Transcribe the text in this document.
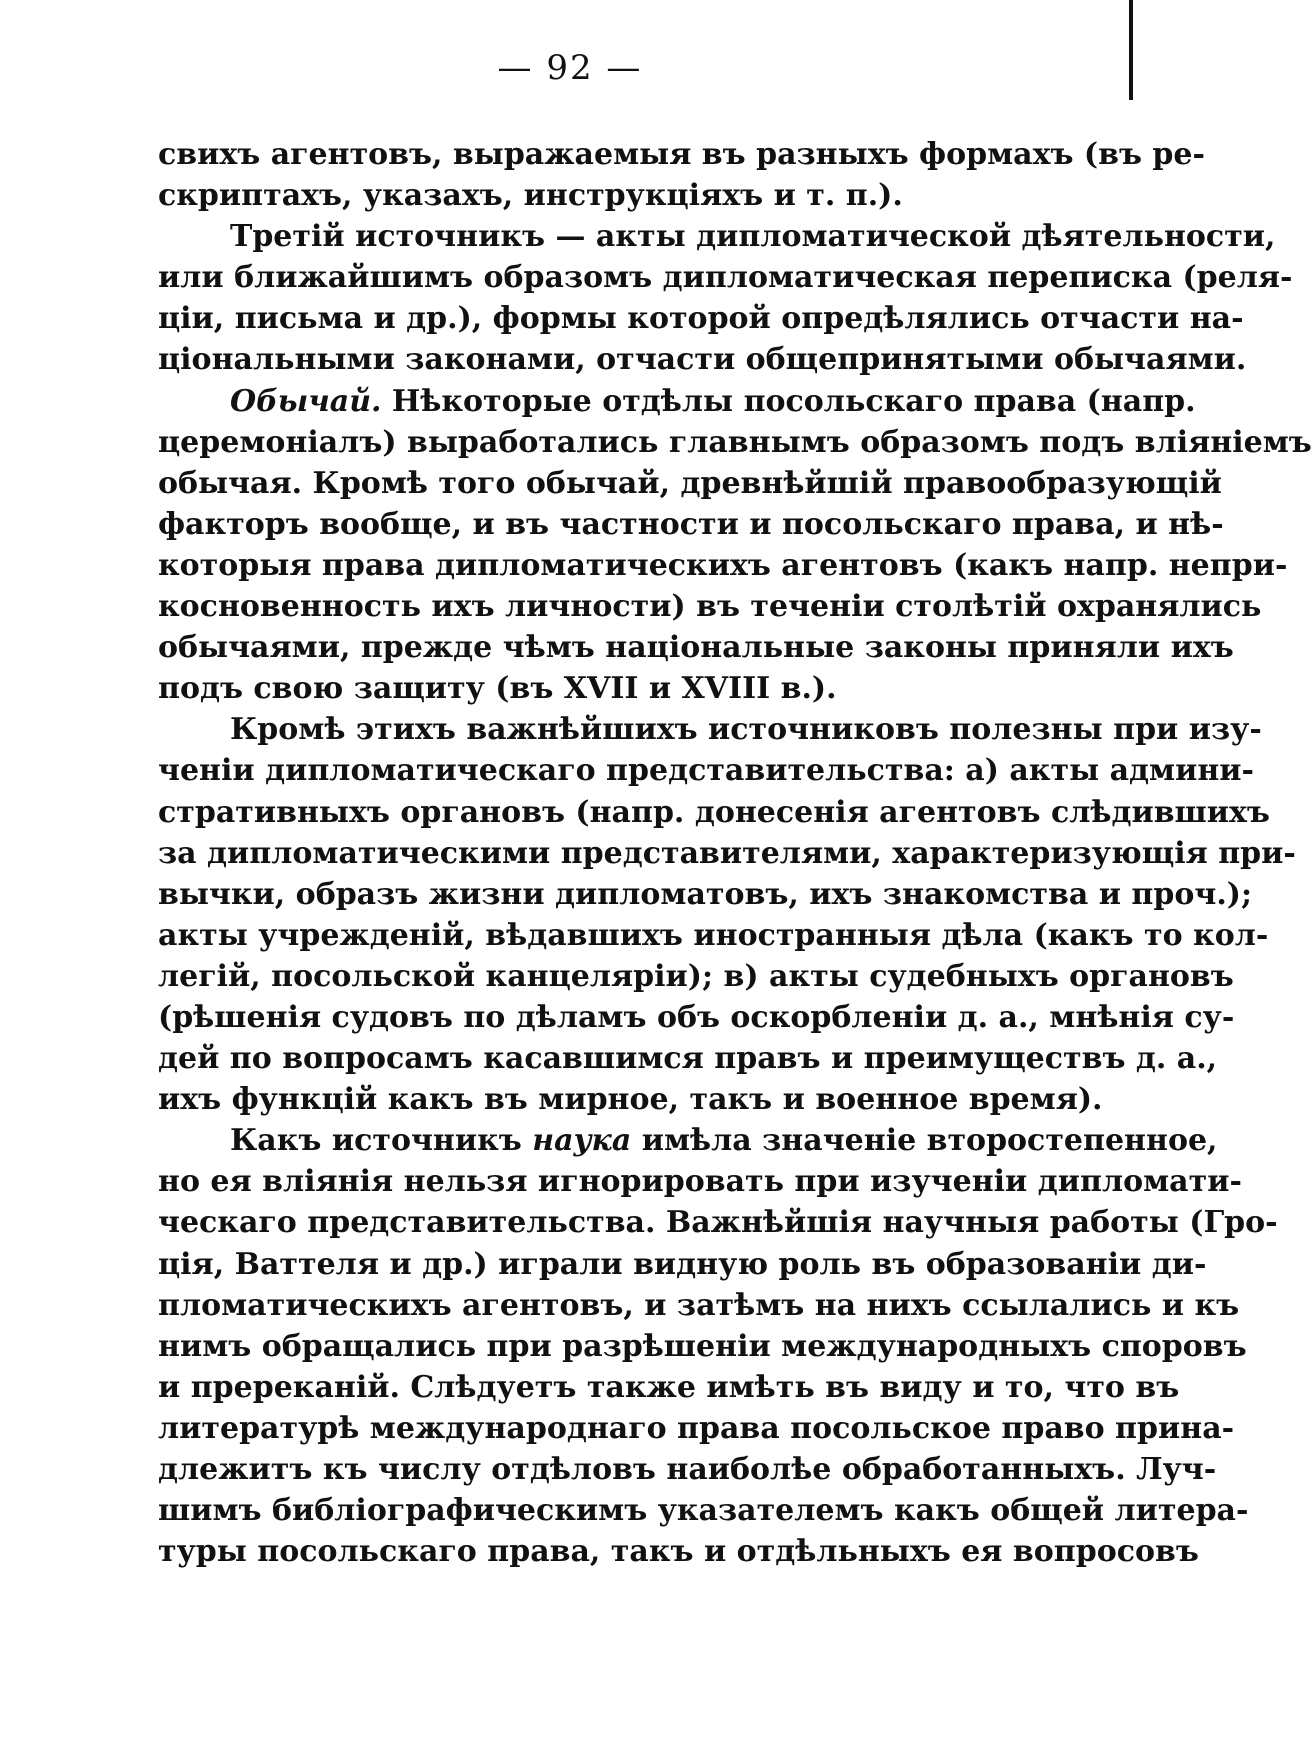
— 92 —
свихъ агентовъ, выражаемыя въ разныхъ формахъ (въ ре-
скриптахъ, указахъ, инструкціяхъ и т. п.).
Третій источникъ — акты дипломатической дѣятельности,
или ближайшимъ образомъ дипломатическая переписка (реля-
ціи, письма и др.), формы которой опредѣлялись отчасти на-
ціональными законами, отчасти общепринятыми обычаями.
Обычай. Нѣкоторые отдѣлы посольскаго права (напр.
церемоніалъ) выработались главнымъ образомъ подъ вліяніемъ
обычая. Кромѣ того обычай, древнѣйшій правообразующій
факторъ вообще, и въ частности и посольскаго права, и нѣ-
которыя права дипломатическихъ агентовъ (какъ напр. непри-
косновенность ихъ личности) въ теченіи столѣтій охранялись
обычаями, прежде чѣмъ національные законы приняли ихъ
подъ свою защиту (въ XVII и XVIII в.).
Кромѣ этихъ важнѣйшихъ источниковъ полезны при изу-
ченіи дипломатическаго представительства: а) акты админи-
стративныхъ органовъ (напр. донесенія агентовъ слѣдившихъ
за дипломатическими представителями, характеризующія при-
вычки, образъ жизни дипломатовъ, ихъ знакомства и проч.);
акты учрежденій, вѣдавшихъ иностранныя дѣла (какъ то кол-
легій, посольской канцеляріи); в) акты судебныхъ органовъ
(рѣшенія судовъ по дѣламъ объ оскорбленіи д. а., мнѣнія су-
дей по вопросамъ касавшимся правъ и преимуществъ д. а.,
ихъ функцій какъ въ мирное, такъ и военное время).
Какъ источникъ наука имѣла значеніе второстепенное,
но ея вліянія нельзя игнорировать при изученіи дипломати-
ческаго представительства. Важнѣйшія научныя работы (Гро-
ція, Ваттеля и др.) играли видную роль въ образованіи ди-
пломатическихъ агентовъ, и затѣмъ на нихъ ссылались и къ
нимъ обращались при разрѣшеніи международныхъ споровъ
и пререканій. Слѣдуетъ также имѣть въ виду и то, что въ
литературѣ международнаго права посольское право прина-
длежитъ къ числу отдѣловъ наиболѣе обработанныхъ. Луч-
шимъ библіографическимъ указателемъ какъ общей литера-
туры посольскаго права, такъ и отдѣльныхъ ея вопросовъ
